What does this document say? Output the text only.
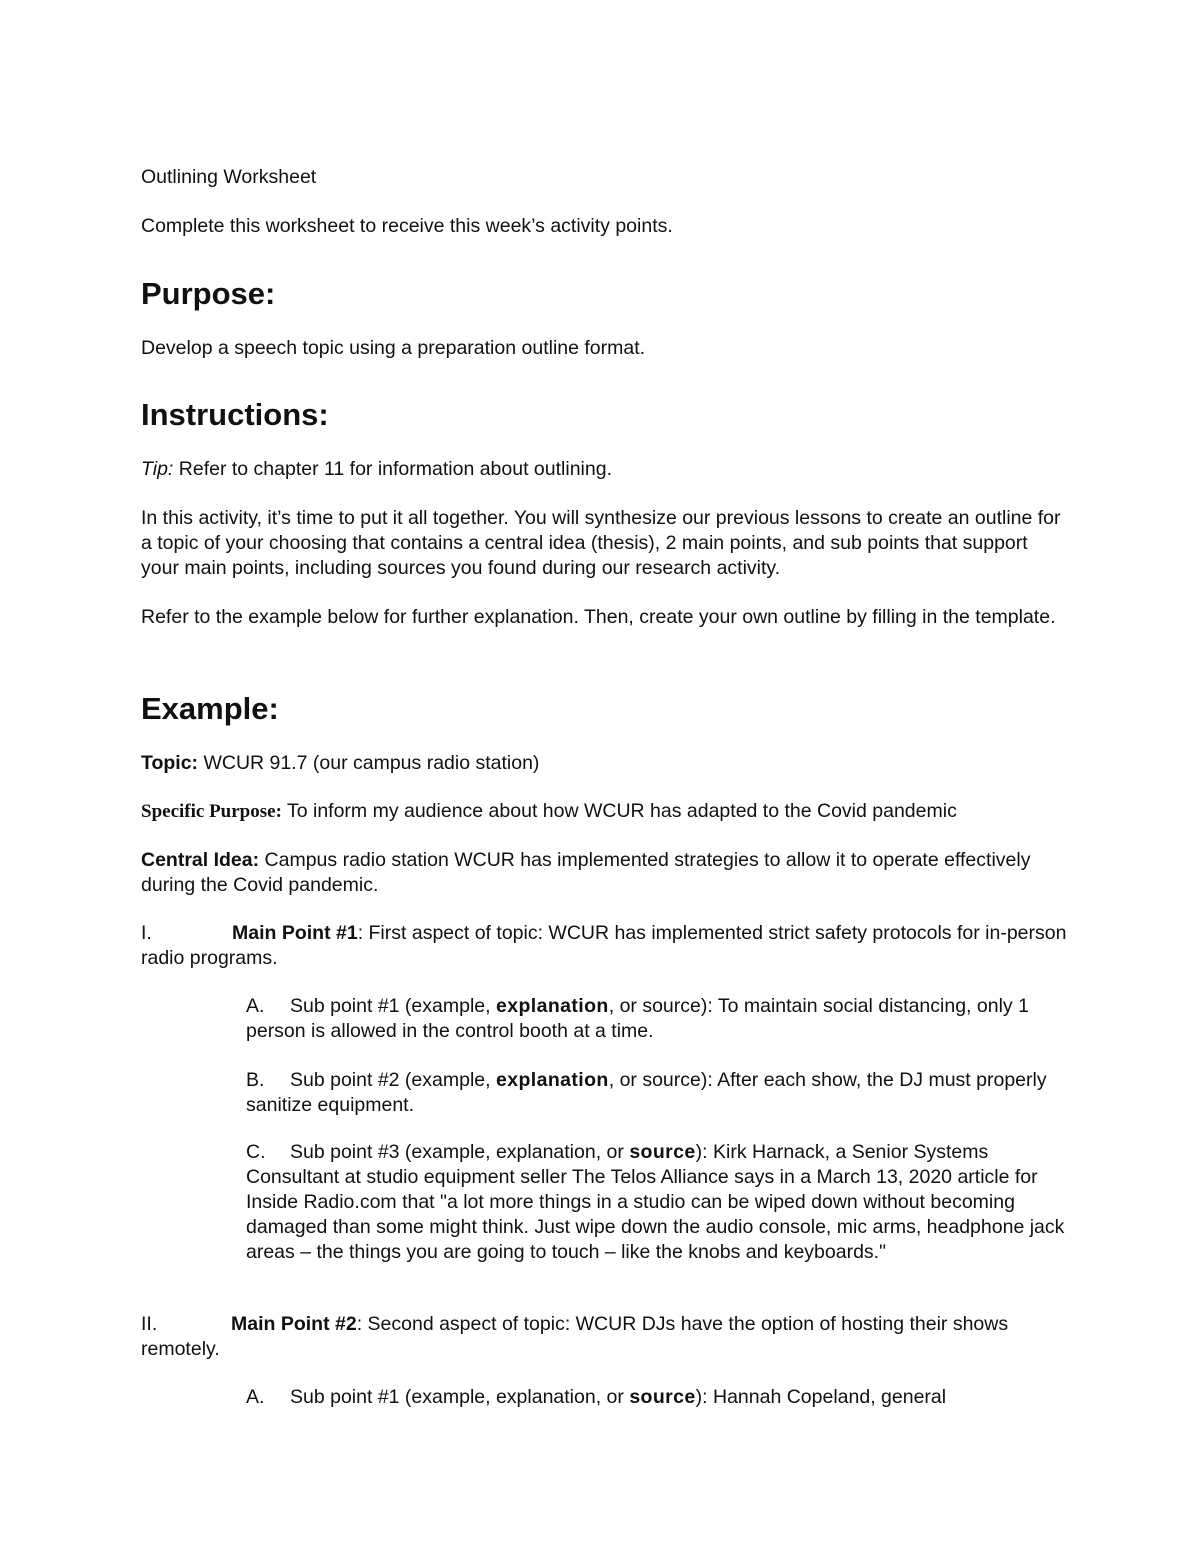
Outlining Worksheet

Complete this worksheet to receive this week’s activity points.

Purpose:

Develop a speech topic using a preparation outline format.

Instructions:

Tip: Refer to chapter 11 for information about outlining.

In this activity, it’s time to put it all together. You will synthesize our previous lessons to create an outline for a topic of your choosing that contains a central idea (thesis), 2 main points, and sub points that support your main points, including sources you found during our research activity.

Refer to the example below for further explanation. Then, create your own outline by filling in the template.

Example:

Topic: WCUR 91.7 (our campus radio station)

Specific Purpose: To inform my audience about how WCUR has adapted to the Covid pandemic

Central Idea: Campus radio station WCUR has implemented strategies to allow it to operate effectively during the Covid pandemic.

I.	Main Point #1: First aspect of topic: WCUR has implemented strict safety protocols for in-person radio programs.

A. Sub point #1 (example, explanation, or source): To maintain social distancing, only 1 person is allowed in the control booth at a time.

B. Sub point #2 (example, explanation, or source): After each show, the DJ must properly sanitize equipment.

C. Sub point #3 (example, explanation, or source): Kirk Harnack, a Senior Systems Consultant at studio equipment seller The Telos Alliance says in a March 13, 2020 article for Inside Radio.com that "a lot more things in a studio can be wiped down without becoming damaged than some might think. Just wipe down the audio console, mic arms, headphone jack areas – the things you are going to touch – like the knobs and keyboards."

II.	Main Point #2: Second aspect of topic: WCUR DJs have the option of hosting their shows remotely.

A. Sub point #1 (example, explanation, or source): Hannah Copeland, general
